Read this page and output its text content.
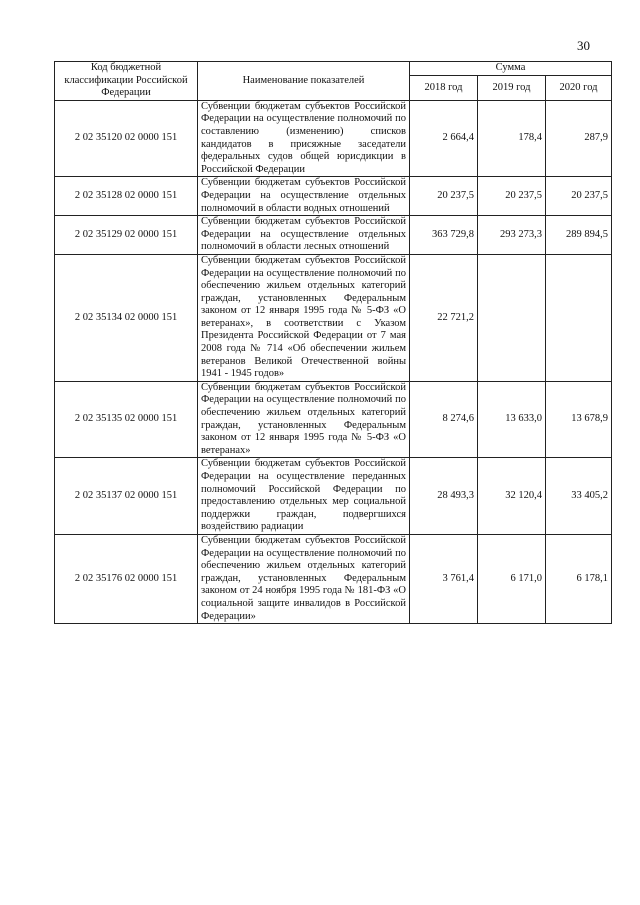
30
Код бюджетной классификации Российской Федерации	Наименование показателей	Сумма		
		2018 год	2019 год	2020 год
2 02 35120 02 0000 151	Субвенции бюджетам субъектов Российской Федерации на осуществление полномочий по составлению (изменению) списков кандидатов в присяжные заседатели федеральных судов общей юрисдикции в Российской Федерации	2 664,4	178,4	287,9
2 02 35128 02 0000 151	Субвенции бюджетам субъектов Российской Федерации на осуществление отдельных полномочий в области водных отношений	20 237,5	20 237,5	20 237,5
2 02 35129 02 0000 151	Субвенции бюджетам субъектов Российской Федерации на осуществление отдельных полномочий в области лесных отношений	363 729,8	293 273,3	289 894,5
2 02 35134 02 0000 151	Субвенции бюджетам субъектов Российской Федерации на осуществление полномочий по обеспечению жильем отдельных категорий граждан, установленных Федеральным законом от 12 января 1995 года № 5-ФЗ «О ветеранах», в соответствии с Указом Президента Российской Федерации от 7 мая 2008 года № 714 «Об обеспечении жильем ветеранов Великой Отечественной войны 1941 - 1945 годов»	22 721,2		
2 02 35135 02 0000 151	Субвенции бюджетам субъектов Российской Федерации на осуществление полномочий по обеспечению жильем отдельных категорий граждан, установленных Федеральным законом от 12 января 1995 года № 5-ФЗ «О ветеранах»	8 274,6	13 633,0	13 678,9
2 02 35137 02 0000 151	Субвенции бюджетам субъектов Российской Федерации на осуществление переданных полномочий Российской Федерации по предоставлению отдельных мер социальной поддержки граждан, подвергшихся воздействию радиации	28 493,3	32 120,4	33 405,2
2 02 35176 02 0000 151	Субвенции бюджетам субъектов Российской Федерации на осуществление полномочий по обеспечению жильем отдельных категорий граждан, установленных Федеральным законом от 24 ноября 1995 года № 181-ФЗ «О социальной защите инвалидов в Российской Федерации»	3 761,4	6 171,0	6 178,1
